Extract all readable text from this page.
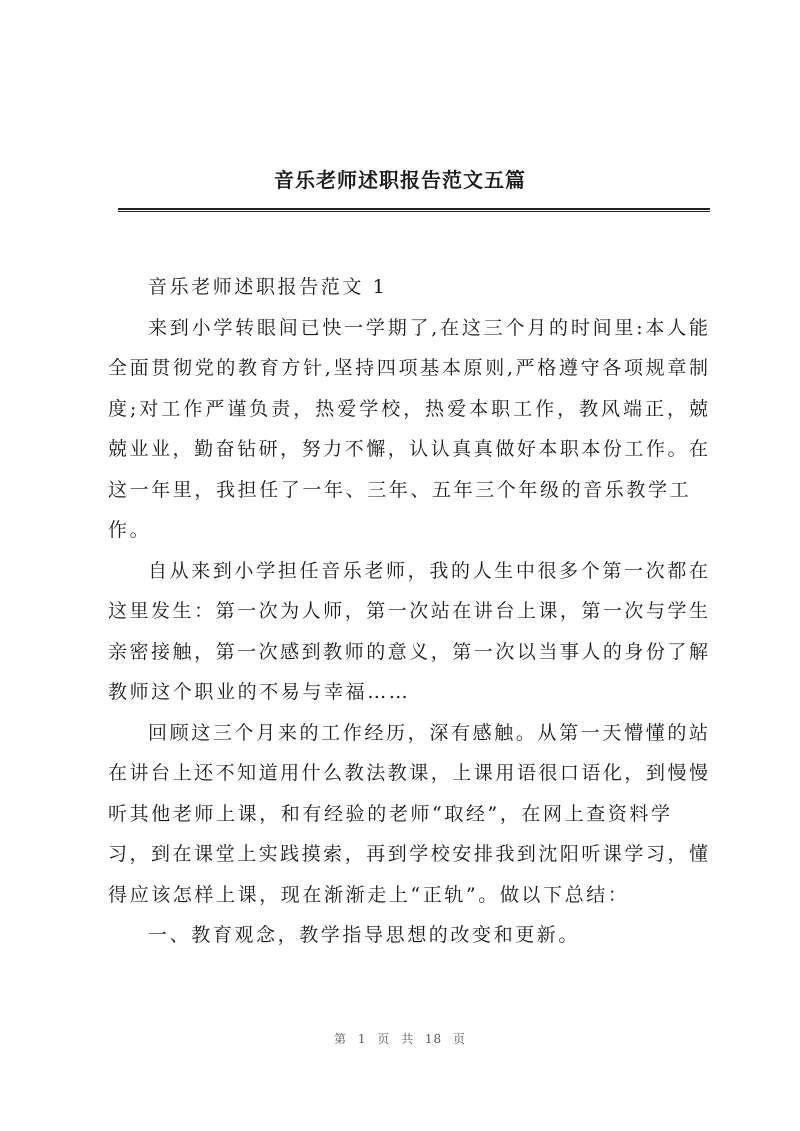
音乐老师述职报告范文五篇
音乐老师述职报告范文 1
来到小学转眼间已快一学期了,在这三个月的时间里:本人能
全面贯彻党的教育方针,坚持四项基本原则,严格遵守各项规章制
度;对工作严谨负责，热爱学校，热爱本职工作，教风端正，兢
兢业业，勤奋钻研，努力不懈，认认真真做好本职本份工作。在
这一年里，我担任了一年、三年、五年三个年级的音乐教学工
作。
自从来到小学担任音乐老师，我的人生中很多个第一次都在
这里发生：第一次为人师，第一次站在讲台上课，第一次与学生
亲密接触，第一次感到教师的意义，第一次以当事人的身份了解
教师这个职业的不易与幸福……
回顾这三个月来的工作经历，深有感触。从第一天懵懂的站
在讲台上还不知道用什么教法教课，上课用语很口语化，到慢慢
听其他老师上课，和有经验的老师“取经”，在网上查资料学
习，到在课堂上实践摸索，再到学校安排我到沈阳听课学习，懂
得应该怎样上课，现在渐渐走上“正轨”。做以下总结：
一、教育观念，教学指导思想的改变和更新。
第 1 页 共 18 页
